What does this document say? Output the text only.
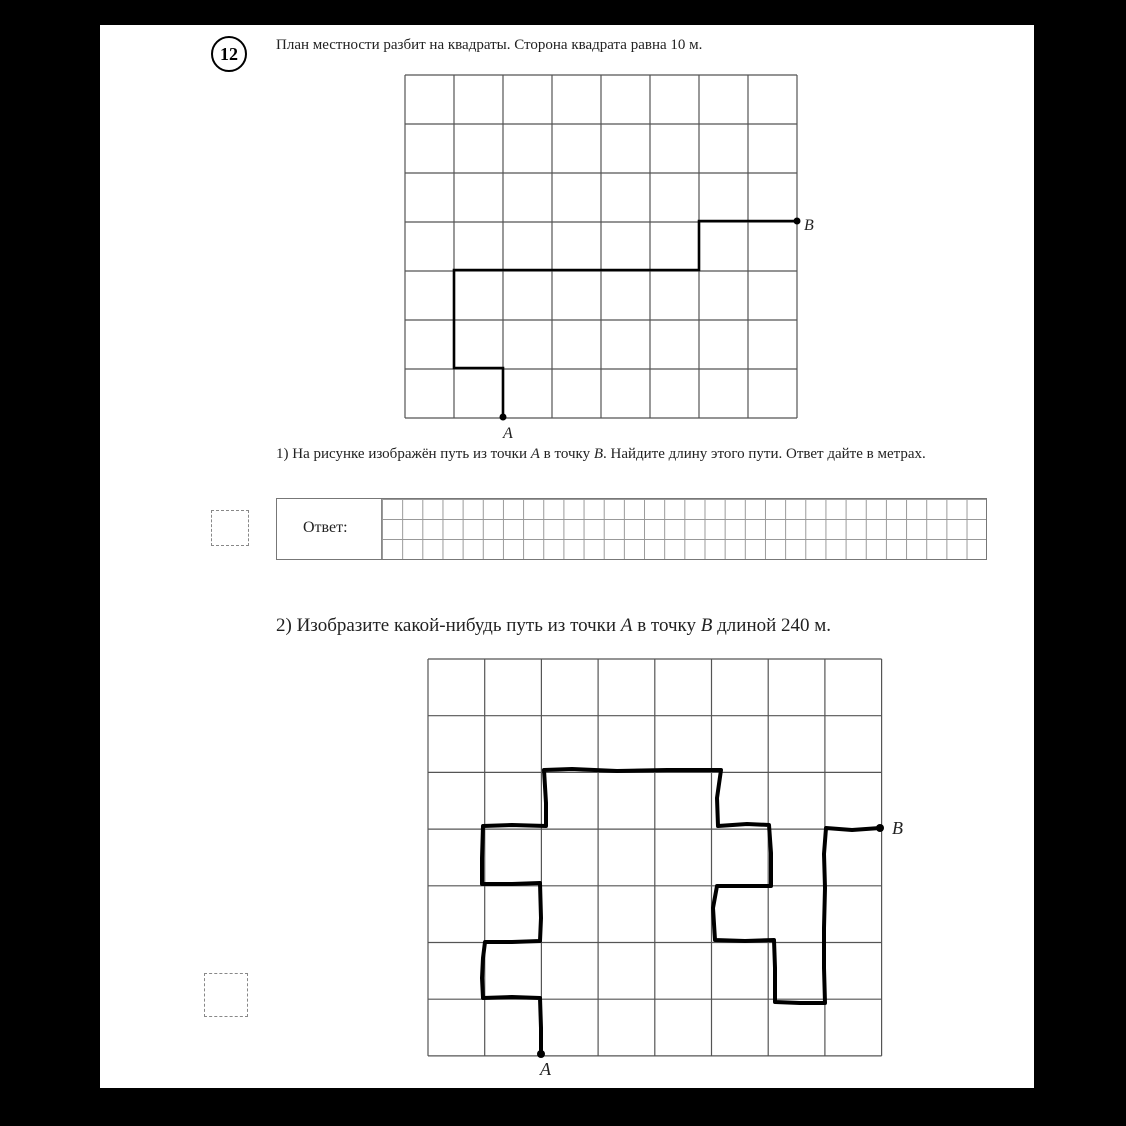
12	План местности разбит на квадраты. Сторона квадрата равна 10 м.
B
A
1) На рисунке изображён путь из точки A в точку B. Найдите длину этого пути. Ответ дайте в метрах.
Ответ:
2) Изобразите какой-нибудь путь из точки A в точку B длиной 240 м.
B
A
